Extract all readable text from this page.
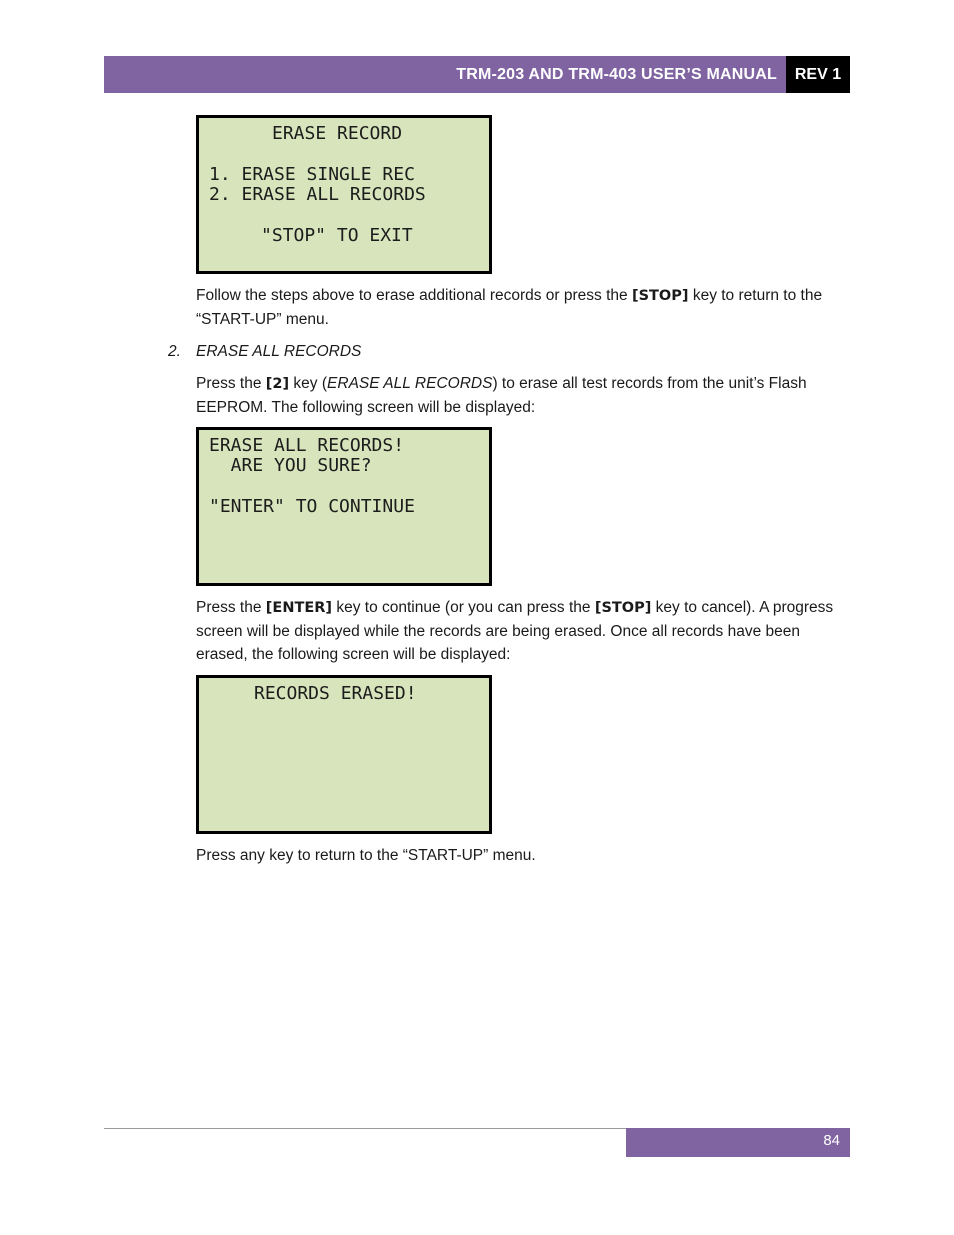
TRM-203 AND TRM-403 USER’S MANUAL	REV 1
ERASE RECORD
1. ERASE SINGLE REC
2. ERASE ALL RECORDS
"STOP" TO EXIT
Follow the steps above to erase additional records or press the [STOP] key to return to the “START-UP” menu.
2. ERASE ALL RECORDS
Press the [2] key (ERASE ALL RECORDS) to erase all test records from the unit’s Flash EEPROM. The following screen will be displayed:
ERASE ALL RECORDS!
ARE YOU SURE?
"ENTER" TO CONTINUE
Press the [ENTER] key to continue (or you can press the [STOP] key to cancel). A progress screen will be displayed while the records are being erased. Once all records have been erased, the following screen will be displayed:
RECORDS ERASED!
Press any key to return to the “START-UP” menu.
84
